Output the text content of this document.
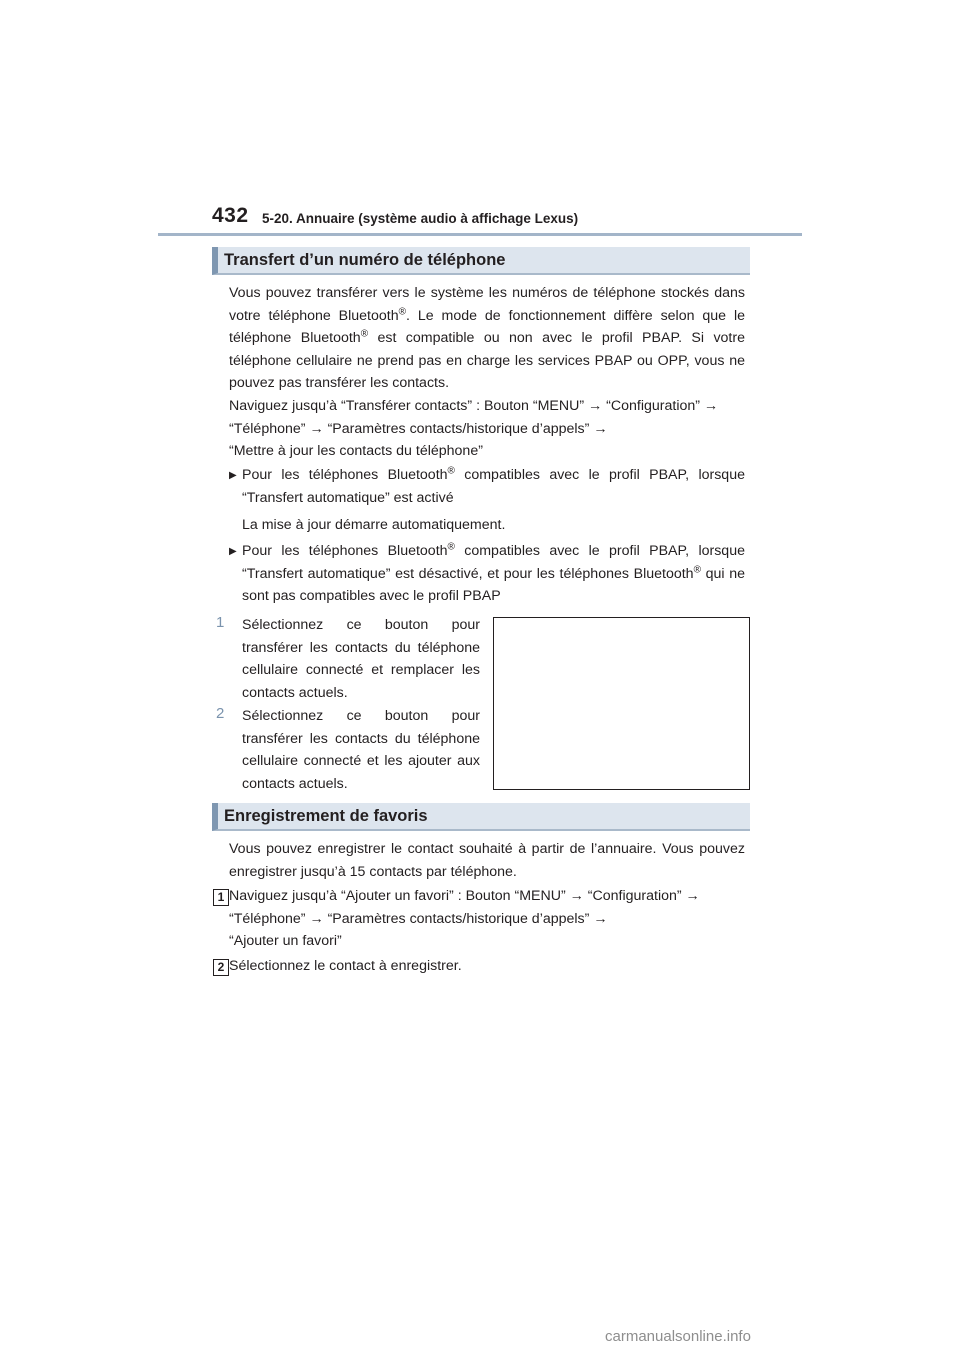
432 5-20. Annuaire (système audio à affichage Lexus)
Transfert d’un numéro de téléphone
Vous pouvez transférer vers le système les numéros de téléphone stockés dans votre téléphone Bluetooth®. Le mode de fonctionnement diffère selon que le téléphone Bluetooth® est compatible ou non avec le profil PBAP. Si votre téléphone cellulaire ne prend pas en charge les services PBAP ou OPP, vous ne pouvez pas transférer les contacts.
Naviguez jusqu’à “Transférer contacts” : Bouton “MENU” → “Configuration” →
“Téléphone” → “Paramètres contacts/historique d’appels” →
“Mettre à jour les contacts du téléphone”
▶ Pour les téléphones Bluetooth® compatibles avec le profil PBAP, lorsque “Transfert automatique” est activé
La mise à jour démarre automatiquement.
▶ Pour les téléphones Bluetooth® compatibles avec le profil PBAP, lorsque “Transfert automatique” est désactivé, et pour les téléphones Bluetooth® qui ne sont pas compatibles avec le profil PBAP
1 Sélectionnez ce bouton pour transférer les contacts du téléphone cellulaire connecté et remplacer les contacts actuels.
2 Sélectionnez ce bouton pour transférer les contacts du téléphone cellulaire connecté et les ajouter aux contacts actuels.
Enregistrement de favoris
Vous pouvez enregistrer le contact souhaité à partir de l’annuaire. Vous pouvez enregistrer jusqu’à 15 contacts par téléphone.
1 Naviguez jusqu’à “Ajouter un favori” : Bouton “MENU” → “Configuration” →
“Téléphone” → “Paramètres contacts/historique d’appels” →
“Ajouter un favori”
2 Sélectionnez le contact à enregistrer.
carmanualsonline.info
